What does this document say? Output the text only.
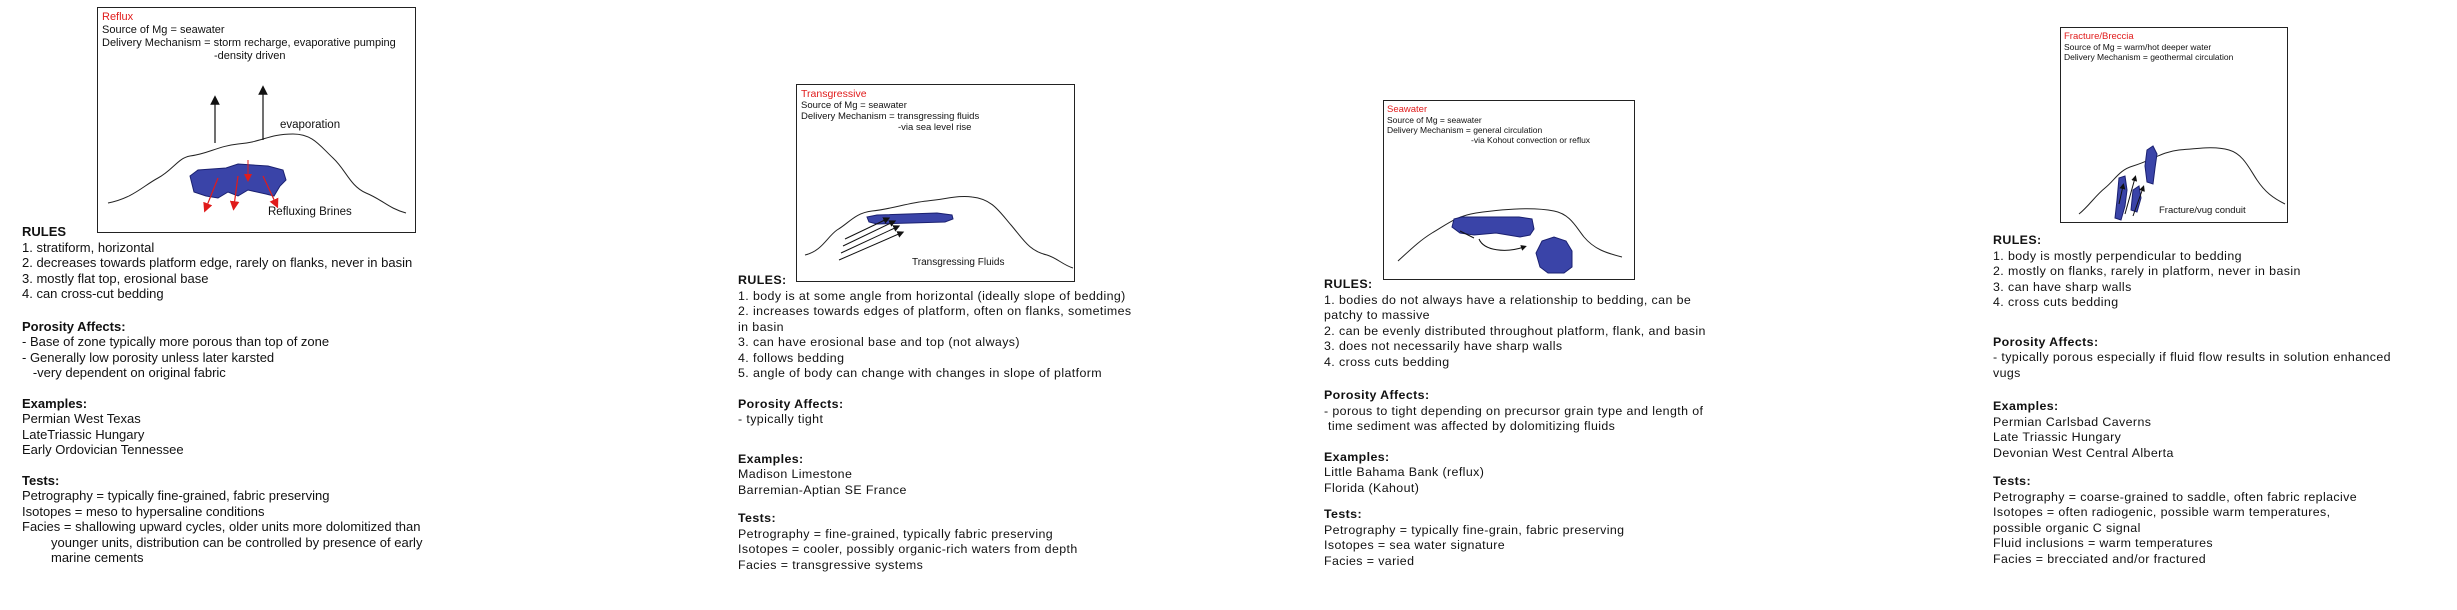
Reflux
Source of Mg = seawater
Delivery Mechanism = storm recharge, evaporative pumping
-density driven
evaporation
Refluxing Brines
RULES
1. stratiform, horizontal
2. decreases towards platform edge, rarely on flanks, never in basin
3. mostly flat top, erosional base
4. can cross-cut bedding
Porosity Affects:
- Base of zone typically more porous than top of zone
- Generally low porosity unless later karsted
-very dependent on original fabric
Examples:
Permian West Texas
LateTriassic Hungary
Early Ordovician Tennessee
Tests:
Petrography = typically fine-grained, fabric preserving
Isotopes = meso to hypersaline conditions
Facies = shallowing upward cycles, older units more dolomitized than
younger units, distribution can be controlled by presence of early
marine cements
Transgressive
Source of Mg = seawater
Delivery Mechanism = transgressing fluids
-via sea level rise
Transgressing Fluids
RULES:
1. body is at some angle from horizontal (ideally slope of bedding)
2. increases towards edges of platform, often on flanks, sometimes
in basin
3. can have erosional base and top (not always)
4. follows bedding
5. angle of body can change with changes in slope of platform
Porosity Affects:
- typically tight
Examples:
Madison Limestone
Barremian-Aptian SE France
Tests:
Petrography = fine-grained, typically fabric preserving
Isotopes = cooler, possibly organic-rich waters from depth
Facies = transgressive systems
Seawater
Source of Mg = seawater
Delivery Mechanism = general circulation
-via Kohout convection or reflux
RULES:
1. bodies do not always have a relationship to bedding, can be
patchy to massive
2. can be evenly distributed throughout platform, flank, and basin
3. does not necessarily have sharp walls
4. cross cuts bedding
Porosity Affects:
- porous to tight depending on precursor grain type and length of
time sediment was affected by dolomitizing fluids
Examples:
Little Bahama Bank (reflux)
Florida (Kahout)
Tests:
Petrography = typically fine-grain, fabric preserving
Isotopes = sea water signature
Facies = varied
Fracture/Breccia
Source of Mg = warm/hot deeper water
Delivery Mechanism = geothermal circulation
Fracture/vug conduit
RULES:
1. body is mostly perpendicular to bedding
2. mostly on flanks, rarely in platform, never in basin
3. can have sharp walls
4. cross cuts bedding
Porosity Affects:
- typically porous especially if fluid flow results in solution enhanced
vugs
Examples:
Permian Carlsbad Caverns
Late Triassic Hungary
Devonian West Central Alberta
Tests:
Petrography = coarse-grained to saddle, often fabric replacive
Isotopes = often radiogenic, possible warm temperatures,
possible organic C signal
Fluid inclusions = warm temperatures
Facies = brecciated and/or fractured
